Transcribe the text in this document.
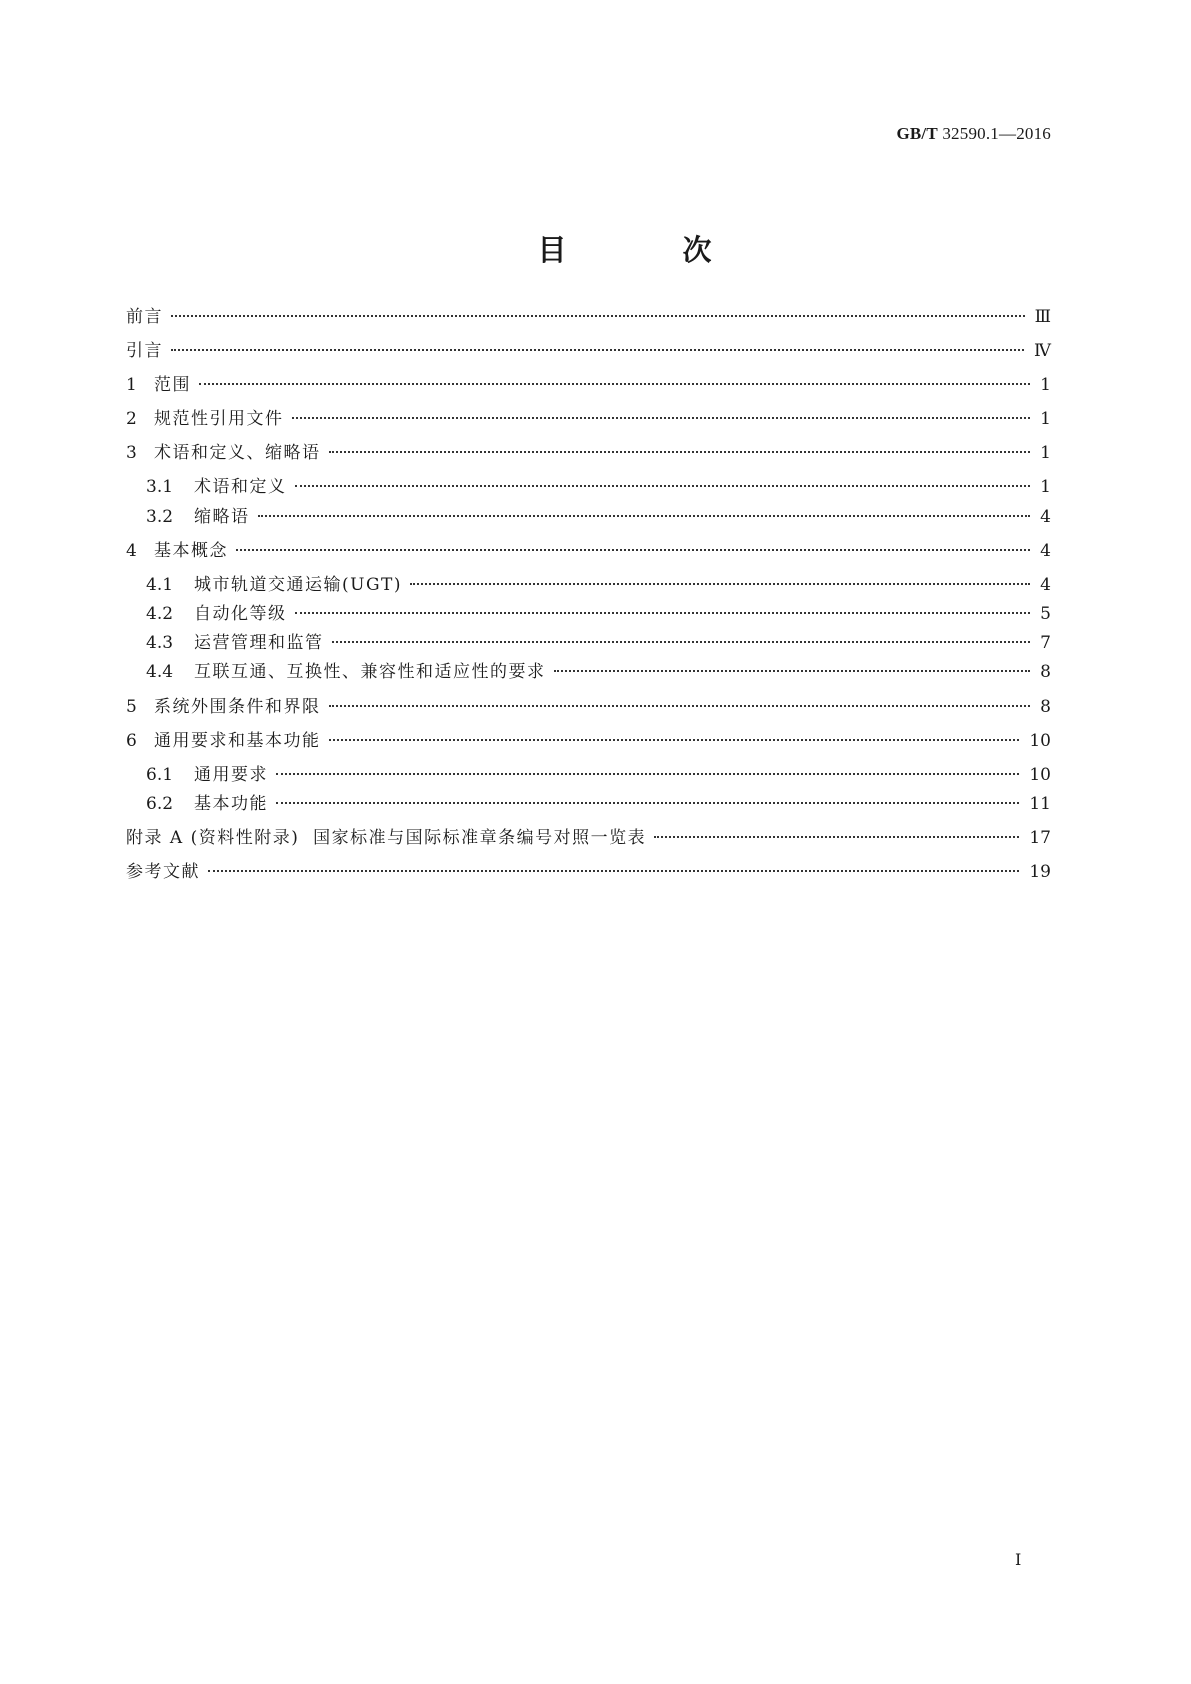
GB/T 32590.1—2016
目 次
前言	Ⅲ
引言	Ⅳ
1	范围	1
2	规范性引用文件	1
3	术语和定义、缩略语	1
3.1	术语和定义	1
3.2	缩略语	4
4	基本概念	4
4.1	城市轨道交通运输(UGT)	4
4.2	自动化等级	5
4.3	运营管理和监管	7
4.4	互联互通、互换性、兼容性和适应性的要求	8
5	系统外围条件和界限	8
6	通用要求和基本功能	10
6.1	通用要求	10
6.2	基本功能	11
附录 A (资料性附录)  国家标准与国际标准章条编号对照一览表	17
参考文献	19
I
